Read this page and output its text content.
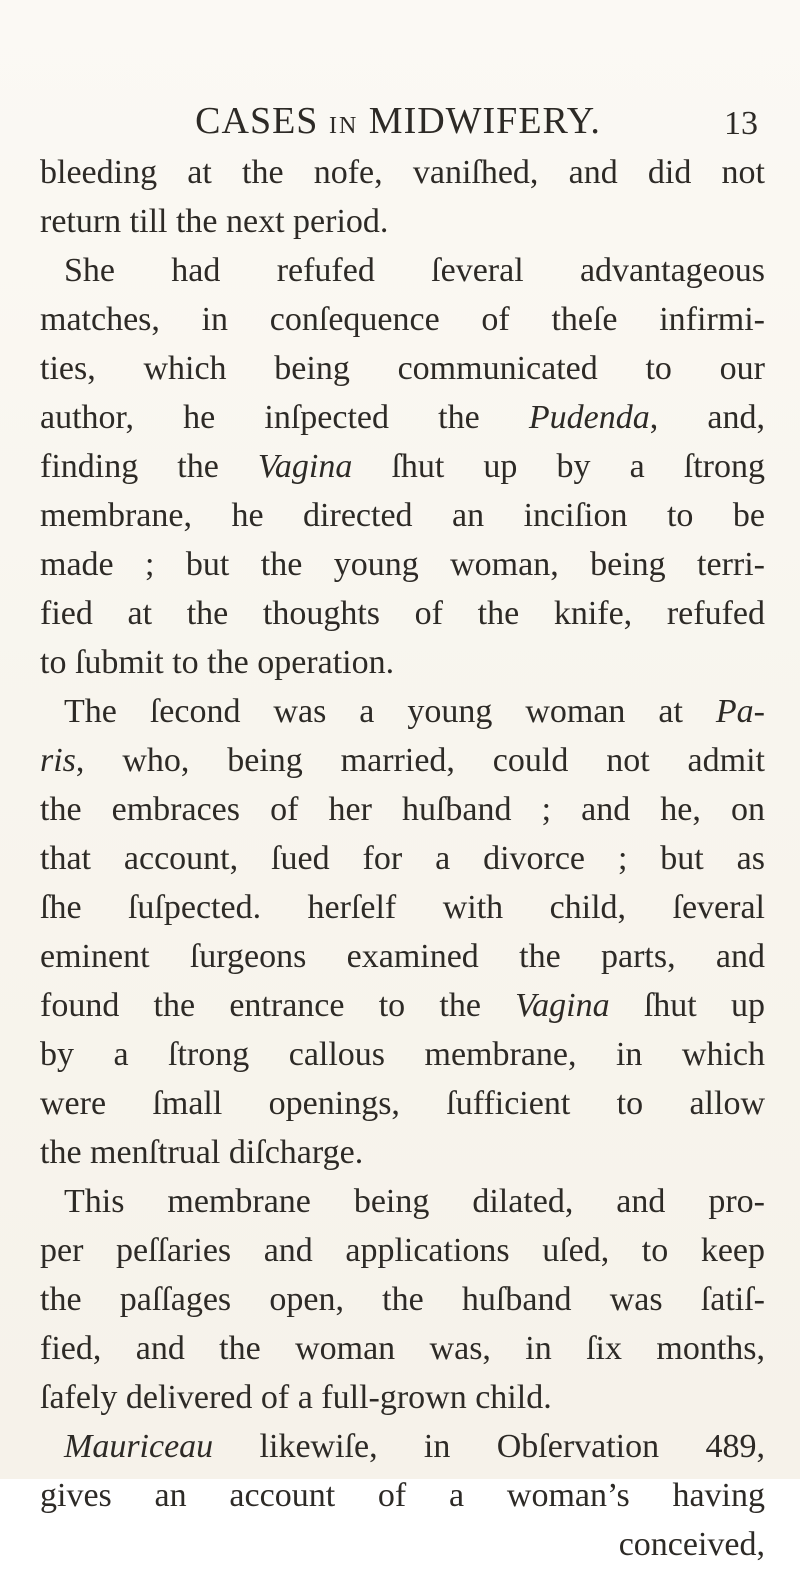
CASES IN MIDWIFERY.	13
bleeding at the nofe, vaniſhed, and did not
return till the next period.
She had refufed ſeveral advantageous
matches, in conſequence of theſe infirmi-
ties, which being communicated to our
author, he inſpected the Pudenda, and,
finding the Vagina ſhut up by a ſtrong
membrane, he directed an inciſion to be
made ; but the young woman, being terri-
fied at the thoughts of the knife, refufed
to ſubmit to the operation.
The ſecond was a young woman at Pa-
ris, who, being married, could not admit
the embraces of her huſband ; and he, on
that account, ſued for a divorce ; but as
ſhe ſuſpected. herſelf with child, ſeveral
eminent ſurgeons examined the parts, and
found the entrance to the Vagina ſhut up
by a ſtrong callous membrane, in which
were ſmall openings, ſufficient to allow
the menſtrual diſcharge.
This membrane being dilated, and pro-
per peſſaries and applications uſed, to keep
the paſſages open, the huſband was ſatiſ-
fied, and the woman was, in ſix months,
ſafely delivered of a full-grown child.
Mauriceau likewiſe, in Obſervation 489,
gives an account of a woman’s having
conceived,
